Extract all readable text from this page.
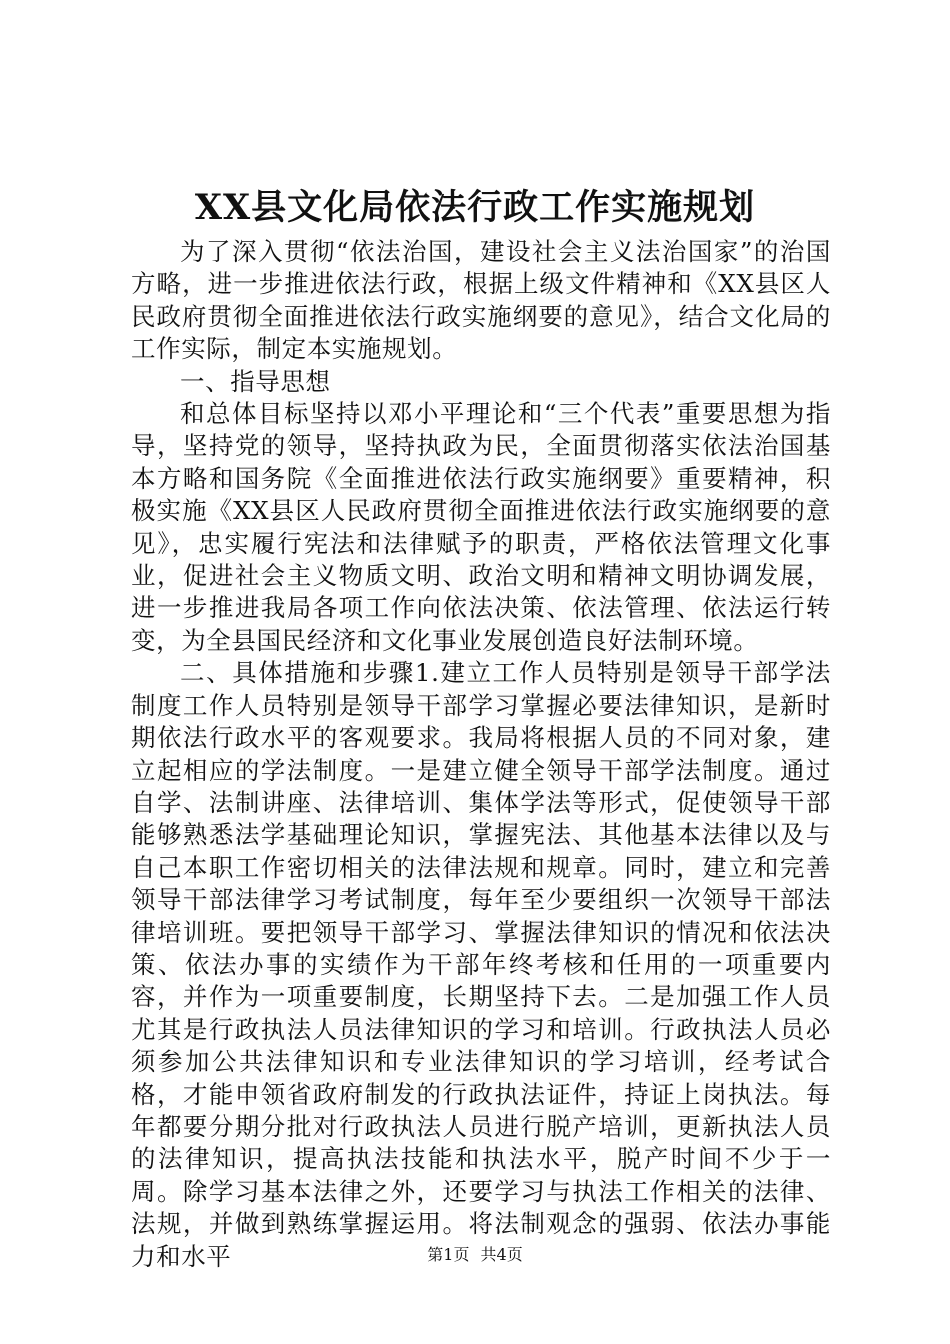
XX县文化局依法行政工作实施规划

为了深入贯彻“依法治国，建设社会主义法治国家”的治国方略，进一步推进依法行政，根据上级文件精神和《XX县区人民政府贯彻全面推进依法行政实施纲要的意见》，结合文化局的工作实际，制定本实施规划。

一、指导思想

和总体目标坚持以邓小平理论和“三个代表”重要思想为指导，坚持党的领导，坚持执政为民，全面贯彻落实依法治国基本方略和国务院《全面推进依法行政实施纲要》重要精神，积极实施《XX县区人民政府贯彻全面推进依法行政实施纲要的意见》，忠实履行宪法和法律赋予的职责，严格依法管理文化事业，促进社会主义物质文明、政治文明和精神文明协调发展，进一步推进我局各项工作向依法决策、依法管理、依法运行转变，为全县国民经济和文化事业发展创造良好法制环境。

二、具体措施和步骤1.建立工作人员特别是领导干部学法制度工作人员特别是领导干部学习掌握必要法律知识，是新时期依法行政水平的客观要求。我局将根据人员的不同对象，建立起相应的学法制度。一是建立健全领导干部学法制度。通过自学、法制讲座、法律培训、集体学法等形式，促使领导干部能够熟悉法学基础理论知识，掌握宪法、其他基本法律以及与自己本职工作密切相关的法律法规和规章。同时，建立和完善领导干部法律学习考试制度，每年至少要组织一次领导干部法律培训班。要把领导干部学习、掌握法律知识的情况和依法决策、依法办事的实绩作为干部年终考核和任用的一项重要内容，并作为一项重要制度，长期坚持下去。二是加强工作人员尤其是行政执法人员法律知识的学习和培训。行政执法人员必须参加公共法律知识和专业法律知识的学习培训，经考试合格，才能申领省政府制发的行政执法证件，持证上岗执法。每年都要分期分批对行政执法人员进行脱产培训，更新执法人员的法律知识，提高执法技能和执法水平，脱产时间不少于一周。除学习基本法律之外，还要学习与执法工作相关的法律、法规，并做到熟练掌握运用。将法制观念的强弱、依法办事能力和水平	第1页 共4页
